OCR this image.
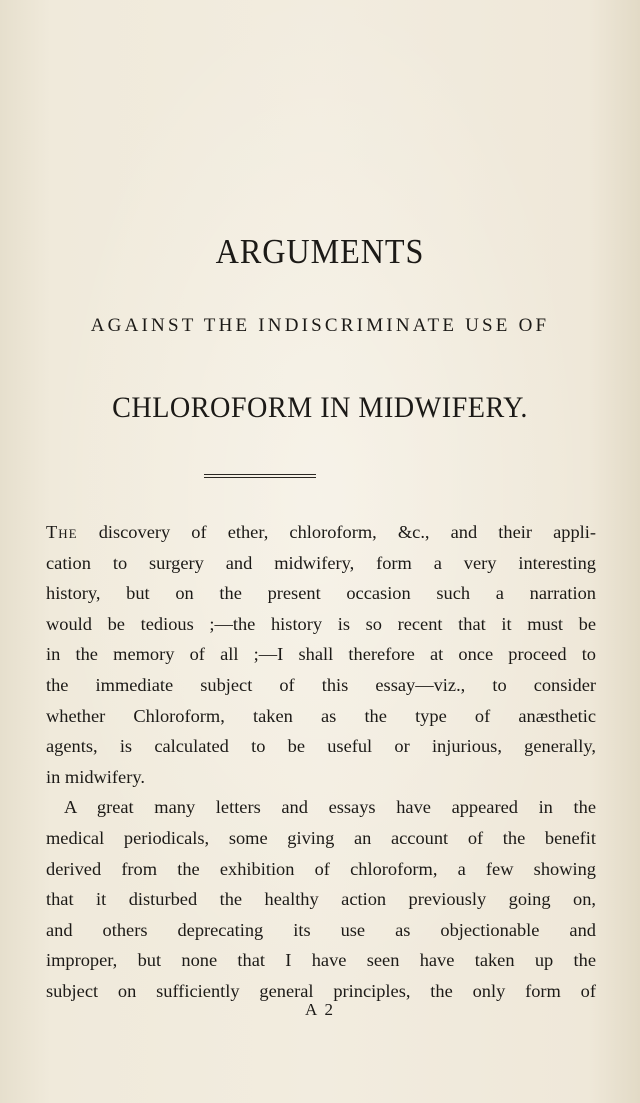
ARGUMENTS
AGAINST THE INDISCRIMINATE USE OF
CHLOROFORM IN MIDWIFERY.
The discovery of ether, chloroform, &c., and their appli-
cation to surgery and midwifery, form a very interesting
history, but on the present occasion such a narration
would be tedious ;—the history is so recent that it must be
in the memory of all ;—I shall therefore at once proceed to
the immediate subject of this essay—viz., to consider
whether Chloroform, taken as the type of anæsthetic
agents, is calculated to be useful or injurious, generally,
in midwifery.
A great many letters and essays have appeared in the
medical periodicals, some giving an account of the benefit
derived from the exhibition of chloroform, a few showing
that it disturbed the healthy action previously going on,
and others deprecating its use as objectionable and
improper, but none that I have seen have taken up the
subject on sufficiently general principles, the only form of
A 2
